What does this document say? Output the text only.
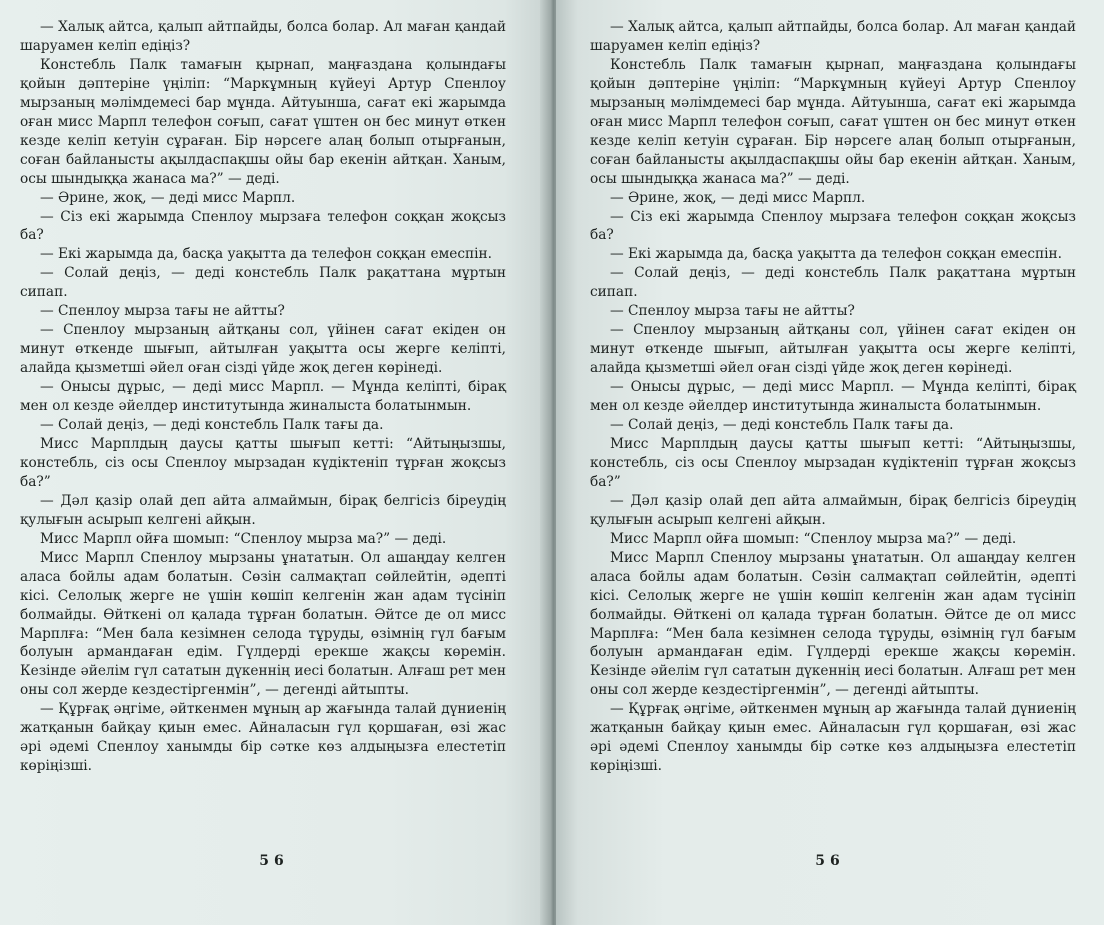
— Халық айтса, қалып айтпайды, болса болар. Ал маған қандай шаруамен келіп едіңіз?

Констебль Палк тамағын қырнап, маңғаздана қолындағы қойын дәптеріне үңіліп: “Маркұмның күйеуі Артур Спенлоу мырзаның мәлімдемесі бар мұнда. Айтуынша, сағат екі жарымда оған мисс Марпл телефон соғып, сағат үштен он бес минут өткен кезде келіп кетуін сұраған. Бір нәрсеге алаң болып отырғанын, соған байланысты ақылдаспақшы ойы бар екенін айтқан. Ханым, осы шындыққа жанаса ма?” — деді.

— Әрине, жоқ, — деді мисс Марпл.

— Сіз екі жарымда Спенлоу мырзаға телефон соққан жоқсыз ба?

— Екі жарымда да, басқа уақытта да телефон соққан емеспін.

— Солай деңіз, — деді констебль Палк рақаттана мұртын сипап.

— Спенлоу мырза тағы не айтты?

— Спенлоу мырзаның айтқаны сол, үйінен сағат екіден он минут өткенде шығып, айтылған уақытта осы жерге келіпті, алайда қызметші әйел оған сізді үйде жоқ деген көрінеді.

— Онысы дұрыс, — деді мисс Марпл. — Мұнда келіпті, бірақ мен ол кезде әйелдер институтында жиналыста болатынмын.

— Солай деңіз, — деді констебль Палк тағы да.

Мисс Марплдың даусы қатты шығып кетті: “Айтыңызшы, констебль, сіз осы Спенлоу мырзадан күдіктеніп тұрған жоқсыз ба?”

— Дәл қазір олай деп айта алмаймын, бірақ белгісіз біреудің қулығын асырып келгені айқын.

Мисс Марпл ойға шомып: “Спенлоу мырза ма?” — деді.

Мисс Марпл Спенлоу мырзаны ұнататын. Ол ашаңдау келген аласа бойлы адам болатын. Сөзін салмақтап сөйлейтін, әдепті кісі. Селолық жерге не үшін көшіп келгенін жан адам түсініп болмайды. Өйткені ол қалада тұрған болатын. Әйтсе де ол мисс Марплға: “Мен бала кезімнен селода тұруды, өзімнің гүл бағым болуын армандаған едім. Гүлдерді ерекше жақсы көремін. Кезінде әйелім гүл сататын дүкеннің иесі болатын. Алғаш рет мен оны сол жерде кездестіргенмін”, — дегенді айтыпты.

— Құрғақ әңгіме, әйткенмен мұның ар жағында талай дүниенің жатқанын байқау қиын емес. Айналасын гүл қоршаған, өзі жас әрі әдемі Спенлоу ханымды бір сәтке көз алдыңызға елестетіп көріңізші.

56

— Халық айтса, қалып айтпайды, болса болар. Ал маған қандай шаруамен келіп едіңіз?

Констебль Палк тамағын қырнап, маңғаздана қолындағы қойын дәптеріне үңіліп: “Маркұмның күйеуі Артур Спенлоу мырзаның мәлімдемесі бар мұнда. Айтуынша, сағат екі жарымда оған мисс Марпл телефон соғып, сағат үштен он бес минут өткен кезде келіп кетуін сұраған. Бір нәрсеге алаң болып отырғанын, соған байланысты ақылдаспақшы ойы бар екенін айтқан. Ханым, осы шындыққа жанаса ма?” — деді.

— Әрине, жоқ, — деді мисс Марпл.

— Сіз екі жарымда Спенлоу мырзаға телефон соққан жоқсыз ба?

— Екі жарымда да, басқа уақытта да телефон соққан емеспін.

— Солай деңіз, — деді констебль Палк рақаттана мұртын сипап.

— Спенлоу мырза тағы не айтты?

— Спенлоу мырзаның айтқаны сол, үйінен сағат екіден он минут өткенде шығып, айтылған уақытта осы жерге келіпті, алайда қызметші әйел оған сізді үйде жоқ деген көрінеді.

— Онысы дұрыс, — деді мисс Марпл. — Мұнда келіпті, бірақ мен ол кезде әйелдер институтында жиналыста болатынмын.

— Солай деңіз, — деді констебль Палк тағы да.

Мисс Марплдың даусы қатты шығып кетті: “Айтыңызшы, констебль, сіз осы Спенлоу мырзадан күдіктеніп тұрған жоқсыз ба?”

— Дәл қазір олай деп айта алмаймын, бірақ белгісіз біреудің қулығын асырып келгені айқын.

Мисс Марпл ойға шомып: “Спенлоу мырза ма?” — деді.

Мисс Марпл Спенлоу мырзаны ұнататын. Ол ашаңдау келген аласа бойлы адам болатын. Сөзін салмақтап сөйлейтін, әдепті кісі. Селолық жерге не үшін көшіп келгенін жан адам түсініп болмайды. Өйткені ол қалада тұрған болатын. Әйтсе де ол мисс Марплға: “Мен бала кезімнен селода тұруды, өзімнің гүл бағым болуын армандаған едім. Гүлдерді ерекше жақсы көремін. Кезінде әйелім гүл сататын дүкеннің иесі болатын. Алғаш рет мен оны сол жерде кездестіргенмін”, — дегенді айтыпты.

— Құрғақ әңгіме, әйткенмен мұның ар жағында талай дүниенің жатқанын байқау қиын емес. Айналасын гүл қоршаған, өзі жас әрі әдемі Спенлоу ханымды бір сәтке көз алдыңызға елестетіп көріңізші.

56
